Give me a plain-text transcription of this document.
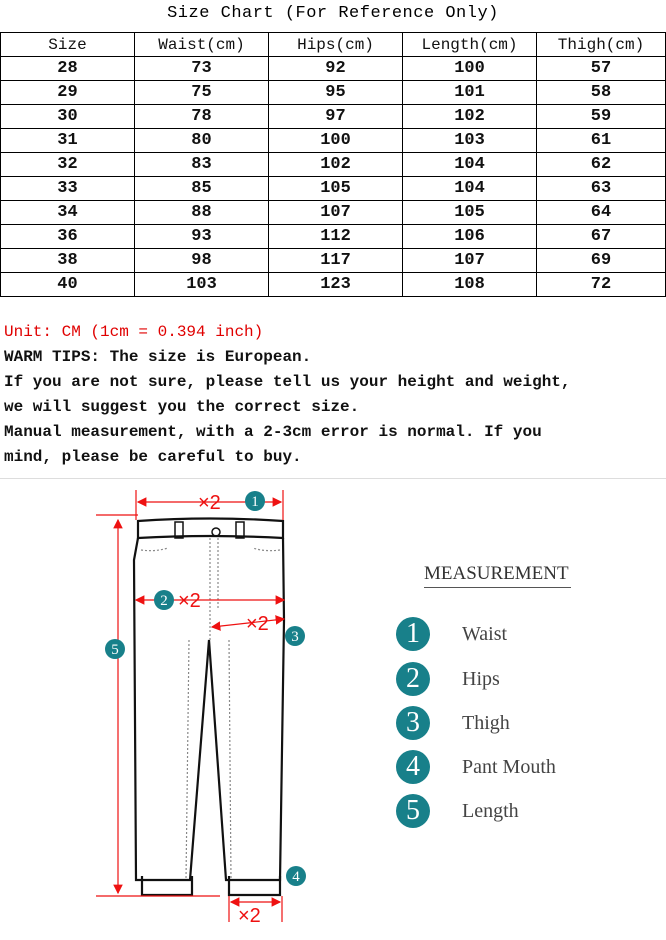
Size Chart (For Reference Only)
Size	Waist(cm)	Hips(cm)	Length(cm)	Thigh(cm)
28	73	92	100	57
29	75	95	101	58
30	78	97	102	59
31	80	100	103	61
32	83	102	104	62
33	85	105	104	63
34	88	107	105	64
36	93	112	106	67
38	98	117	107	69
40	103	123	108	72
Unit: CM (1cm = 0.394 inch)
WARM TIPS: The size is European.
If you are not sure, please tell us your height and weight,
we will suggest you the correct size.
Manual measurement, with a 2-3cm error is normal. If you
mind, please be careful to buy.
×2
×2
×2
×2
1
2
3
4
5
MEASUREMENT
1	Waist
2	Hips
3	Thigh
4	Pant Mouth
5	Length
